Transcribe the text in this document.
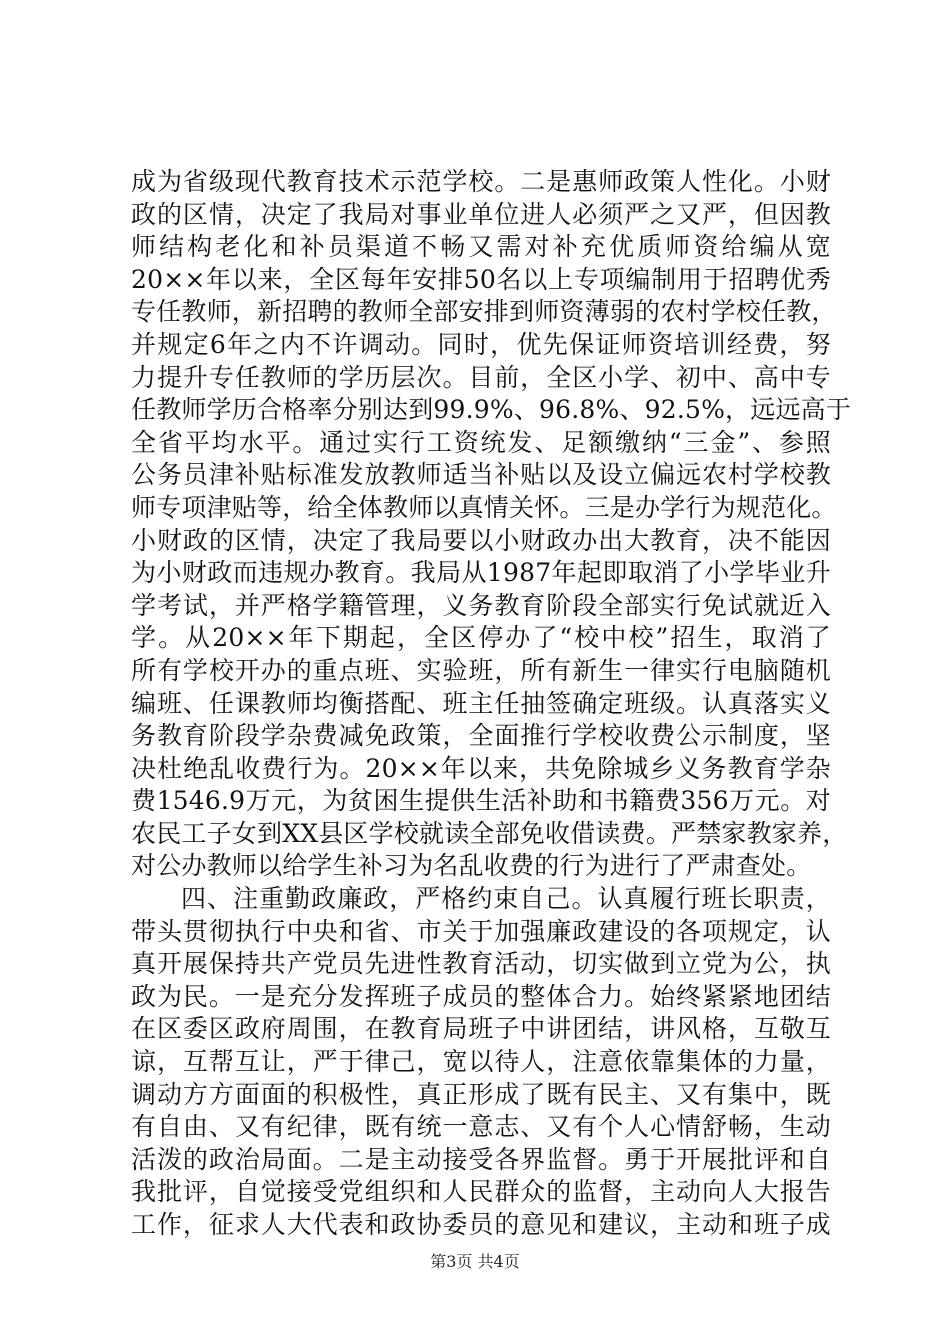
成为省级现代教育技术示范学校。二是惠师政策人性化。小财
政的区情，决定了我局对事业单位进人必须严之又严，但因教
师结构老化和补员渠道不畅又需对补充优质师资给编从宽
20××年以来，全区每年安排50名以上专项编制用于招聘优秀
专任教师，新招聘的教师全部安排到师资薄弱的农村学校任教，
并规定6年之内不许调动。同时，优先保证师资培训经费，努
力提升专任教师的学历层次。目前，全区小学、初中、高中专
任教师学历合格率分别达到99.9%、96.8%、92.5%，远远高于
全省平均水平。通过实行工资统发、足额缴纳“三金”、参照
公务员津补贴标准发放教师适当补贴以及设立偏远农村学校教
师专项津贴等，给全体教师以真情关怀。三是办学行为规范化。
小财政的区情，决定了我局要以小财政办出大教育，决不能因
为小财政而违规办教育。我局从1987年起即取消了小学毕业升
学考试，并严格学籍管理，义务教育阶段全部实行免试就近入
学。从20××年下期起，全区停办了“校中校”招生，取消了
所有学校开办的重点班、实验班，所有新生一律实行电脑随机
编班、任课教师均衡搭配、班主任抽签确定班级。认真落实义
务教育阶段学杂费减免政策，全面推行学校收费公示制度，坚
决杜绝乱收费行为。20××年以来，共免除城乡义务教育学杂
费1546.9万元，为贫困生提供生活补助和书籍费356万元。对
农民工子女到XX县区学校就读全部免收借读费。严禁家教家养，
对公办教师以给学生补习为名乱收费的行为进行了严肃查处。
四、注重勤政廉政，严格约束自己。认真履行班长职责，
带头贯彻执行中央和省、市关于加强廉政建设的各项规定，认
真开展保持共产党员先进性教育活动，切实做到立党为公，执
政为民。一是充分发挥班子成员的整体合力。始终紧紧地团结
在区委区政府周围，在教育局班子中讲团结，讲风格，互敬互
谅，互帮互让，严于律己，宽以待人，注意依靠集体的力量，
调动方方面面的积极性，真正形成了既有民主、又有集中，既
有自由、又有纪律，既有统一意志、又有个人心情舒畅，生动
活泼的政治局面。二是主动接受各界监督。勇于开展批评和自
我批评，自觉接受党组织和人民群众的监督，主动向人大报告
工作，征求人大代表和政协委员的意见和建议，主动和班子成
第3页 共4页
